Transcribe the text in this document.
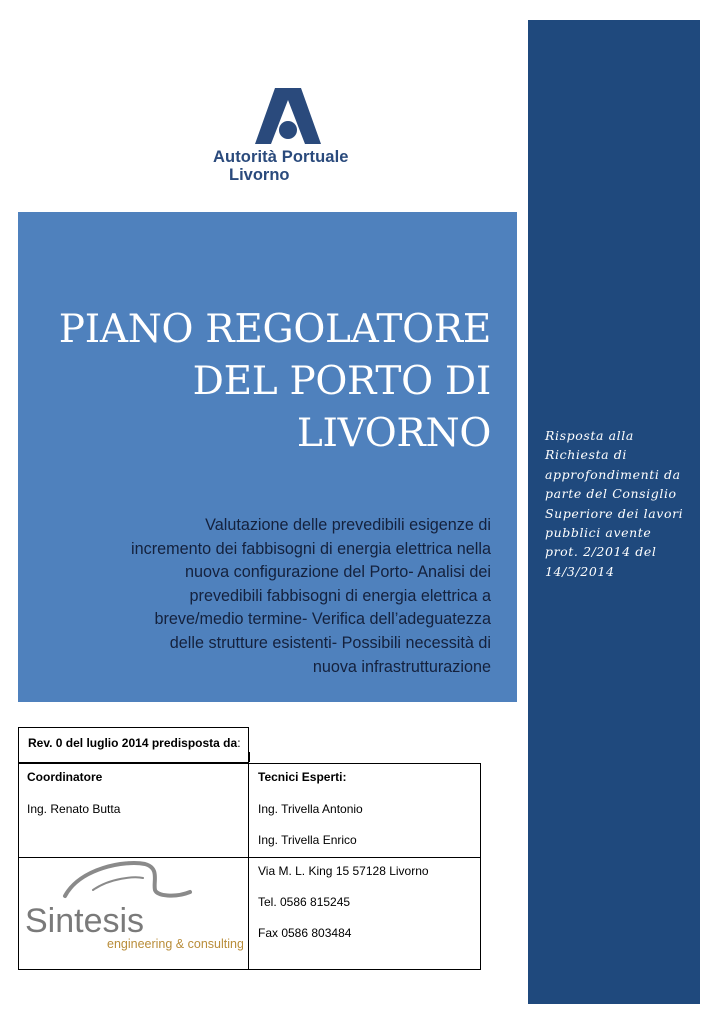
Risposta alla
Richiesta di
approfondimenti da
parte del Consiglio
Superiore dei lavori
pubblici avente
prot. 2/2014 del
14/3/2014
Autorità Portuale
Livorno
PIANO REGOLATORE
DEL PORTO DI
LIVORNO
Valutazione delle prevedibili esigenze di
incremento dei fabbisogni di energia elettrica nella
nuova configurazione del Porto- Analisi dei
prevedibili fabbisogni di energia elettrica a
breve/medio termine- Verifica dell’adeguatezza
delle strutture esistenti- Possibili necessità di
nuova infrastrutturazione
Rev. 0 del luglio 2014 predisposta da:
Coordinatore
Ing. Renato Butta
Tecnici Esperti:
Ing. Trivella Antonio
Ing. Trivella Enrico
Via M. L. King 15 57128 Livorno
Tel. 0586 815245
Fax 0586 803484
Sintesis
engineering & consulting
